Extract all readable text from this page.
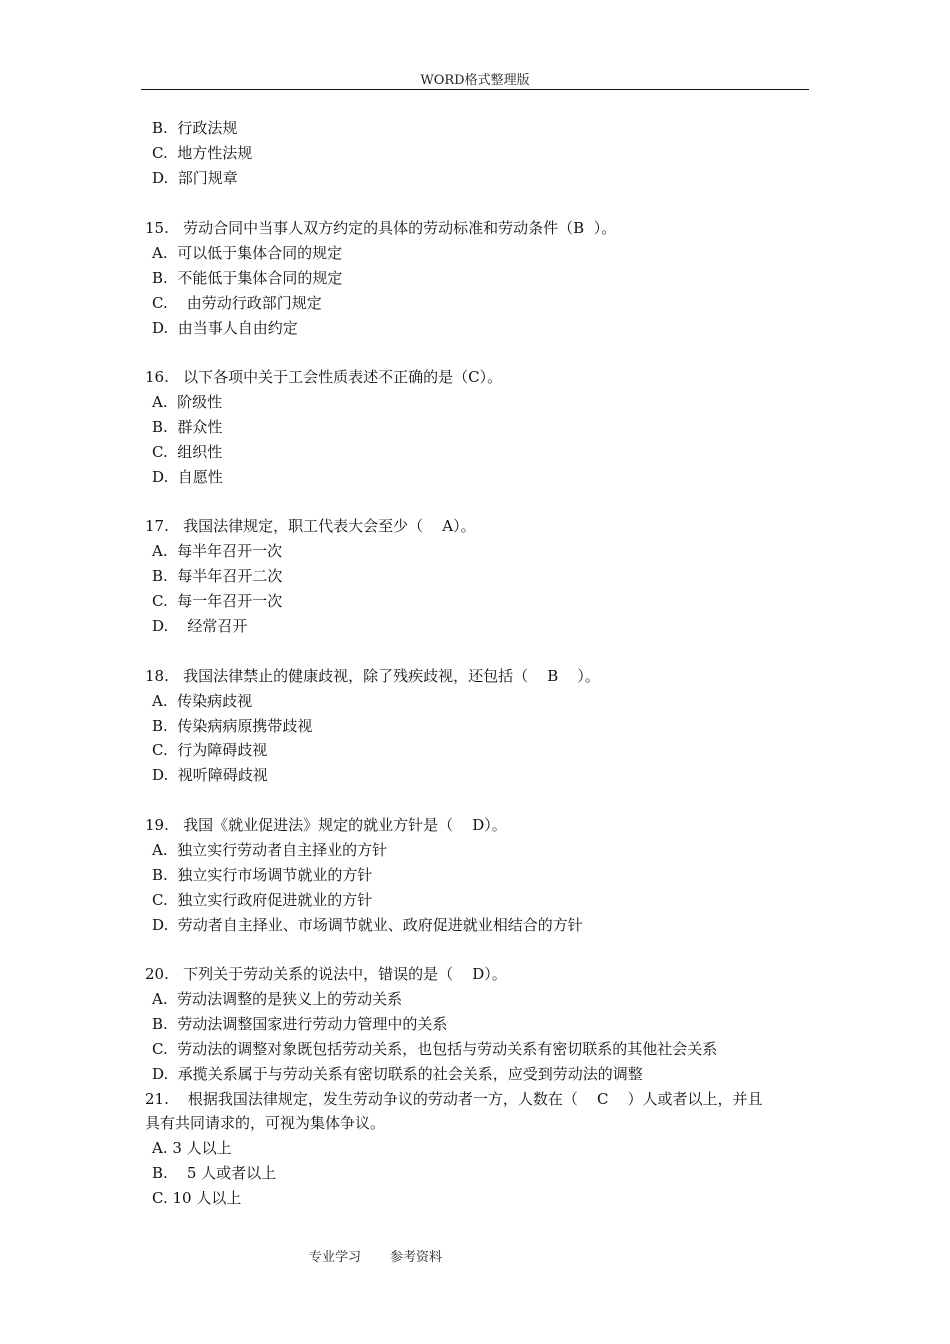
WORD格式整理版
B.  行政法规
C.  地方性法规
D.  部门规章
15.   劳动合同中当事人双方约定的具体的劳动标准和劳动条件（B  ）。
A.  可以低于集体合同的规定
B.  不能低于集体合同的规定
C.    由劳动行政部门规定
D.  由当事人自由约定
16.   以下各项中关于工会性质表述不正确的是（C）。
A.  阶级性
B.  群众性
C.  组织性
D.  自愿性
17.   我国法律规定，职工代表大会至少（    A）。
A.  每半年召开一次
B.  每半年召开二次
C.  每一年召开一次
D.    经常召开
18.   我国法律禁止的健康歧视，除了残疾歧视，还包括（    B    ）。
A.  传染病歧视
B.  传染病病原携带歧视
C.  行为障碍歧视
D.  视听障碍歧视
19.   我国《就业促进法》规定的就业方针是（    D）。
A.  独立实行劳动者自主择业的方针
B.  独立实行市场调节就业的方针
C.  独立实行政府促进就业的方针
D.  劳动者自主择业、市场调节就业、政府促进就业相结合的方针
20.   下列关于劳动关系的说法中，错误的是（    D）。
A.  劳动法调整的是狭义上的劳动关系
B.  劳动法调整国家进行劳动力管理中的关系
C.  劳动法的调整对象既包括劳动关系，也包括与劳动关系有密切联系的其他社会关系
D.  承揽关系属于与劳动关系有密切联系的社会关系，应受到劳动法的调整
21.    根据我国法律规定，发生劳动争议的劳动者一方，人数在（    C    ）人或者以上，并且
具有共同请求的，可视为集体争议。
A. 3 人以上
B.    5 人或者以上
C. 10 人以上
专业学习 参考资料
